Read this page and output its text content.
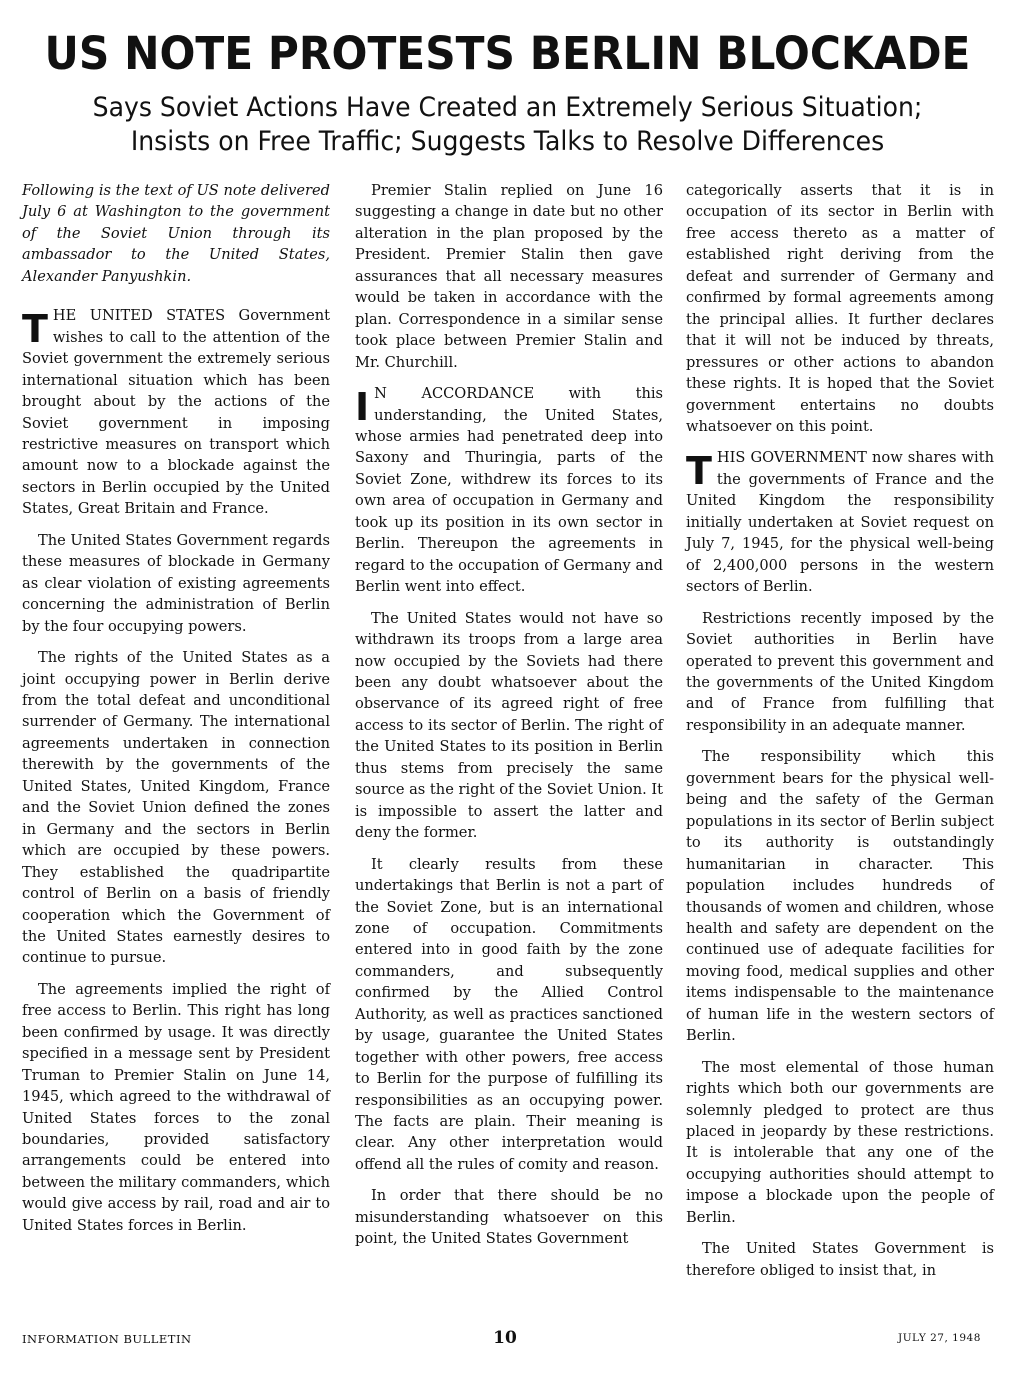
US NOTE PROTESTS BERLIN BLOCKADE
Says Soviet Actions Have Created an Extremely Serious Situation;
Insists on Free Traffic; Suggests Talks to Resolve Differences

Following is the text of US note delivered July 6 at Washington to the government of the Soviet Union through its ambassador to the United States, Alexander Panyushkin.

THE UNITED STATES Government wishes to call to the attention of the Soviet government the extremely serious international situation which has been brought about by the actions of the Soviet government in imposing restrictive measures on transport which amount now to a blockade against the sectors in Berlin occupied by the United States, Great Britain and France.

The United States Government regards these measures of blockade in Germany as clear violation of existing agreements concerning the administration of Berlin by the four occupying powers.

The rights of the United States as a joint occupying power in Berlin derive from the total defeat and unconditional surrender of Germany. The international agreements undertaken in connection therewith by the governments of the United States, United Kingdom, France and the Soviet Union defined the zones in Germany and the sectors in Berlin which are occupied by these powers. They established the quadripartite control of Berlin on a basis of friendly cooperation which the Government of the United States earnestly desires to continue to pursue.

The agreements implied the right of free access to Berlin. This right has long been confirmed by usage. It was directly specified in a message sent by President Truman to Premier Stalin on June 14, 1945, which agreed to the withdrawal of United States forces to the zonal boundaries, provided satisfactory arrangements could be entered into between the military commanders, which would give access by rail, road and air to United States forces in Berlin.

Premier Stalin replied on June 16 suggesting a change in date but no other alteration in the plan proposed by the President. Premier Stalin then gave assurances that all necessary measures would be taken in accordance with the plan. Correspondence in a similar sense took place between Premier Stalin and Mr. Churchill.

I N ACCORDANCE with this understanding, the United States, whose armies had penetrated deep into Saxony and Thuringia, parts of the Soviet Zone, withdrew its forces to its own area of occupation in Germany and took up its position in its own sector in Berlin. Thereupon the agreements in regard to the occupation of Germany and Berlin went into effect.

The United States would not have so withdrawn its troops from a large area now occupied by the Soviets had there been any doubt whatsoever about the observance of its agreed right of free access to its sector of Berlin. The right of the United States to its position in Berlin thus stems from precisely the same source as the right of the Soviet Union. It is impossible to assert the latter and deny the former.

It clearly results from these undertakings that Berlin is not a part of the Soviet Zone, but is an international zone of occupation. Commitments entered into in good faith by the zone commanders, and subsequently confirmed by the Allied Control Authority, as well as practices sanctioned by usage, guarantee the United States together with other powers, free access to Berlin for the purpose of fulfilling its responsibilities as an occupying power. The facts are plain. Their meaning is clear. Any other interpretation would offend all the rules of comity and reason.

In order that there should be no misunderstanding whatsoever on this point, the United States Government

categorically asserts that it is in occupation of its sector in Berlin with free access thereto as a matter of established right deriving from the defeat and surrender of Germany and confirmed by formal agreements among the principal allies. It further declares that it will not be induced by threats, pressures or other actions to abandon these rights. It is hoped that the Soviet government entertains no doubts whatsoever on this point.

THIS GOVERNMENT now shares with the governments of France and the United Kingdom the responsibility initially undertaken at Soviet request on July 7, 1945, for the physical well-being of 2,400,000 persons in the western sectors of Berlin.

Restrictions recently imposed by the Soviet authorities in Berlin have operated to prevent this government and the governments of the United Kingdom and of France from fulfilling that responsibility in an adequate manner.

The responsibility which this government bears for the physical well-being and the safety of the German populations in its sector of Berlin subject to its authority is outstandingly humanitarian in character. This population includes hundreds of thousands of women and children, whose health and safety are dependent on the continued use of adequate facilities for moving food, medical supplies and other items indispensable to the maintenance of human life in the western sectors of Berlin.

The most elemental of those human rights which both our governments are solemnly pledged to protect are thus placed in jeopardy by these restrictions. It is intolerable that any one of the occupying authorities should attempt to impose a blockade upon the people of Berlin.

The United States Government is therefore obliged to insist that, in

INFORMATION BULLETIN	10	JULY 27, 1948
